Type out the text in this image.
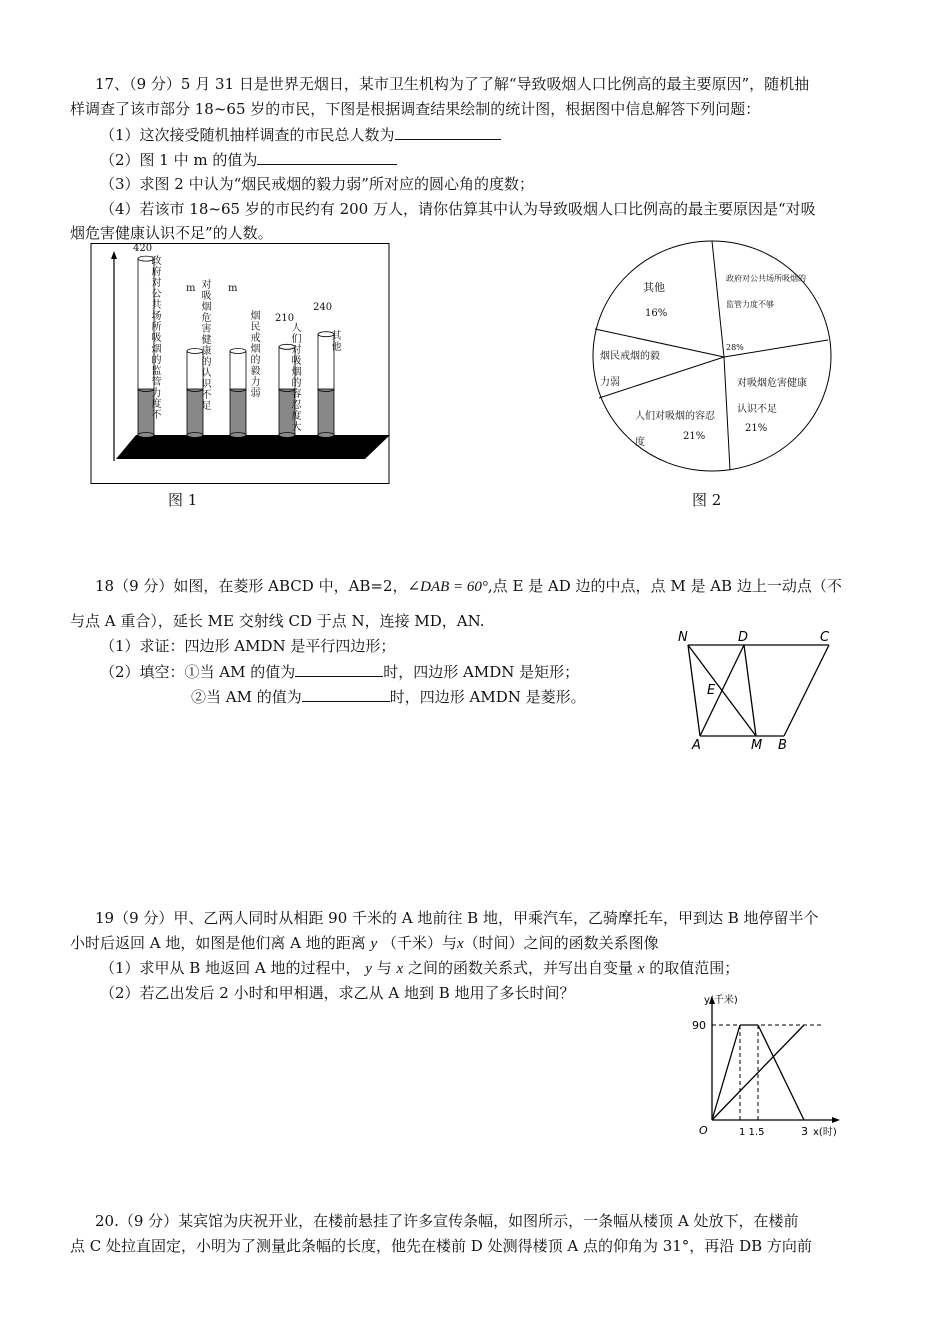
17、（9 分）5 月 31 日是世界无烟日，某市卫生机构为了了解“导致吸烟人口比例高的最主要原因”，随机抽
样调查了该市部分 18~65 岁的市民，下图是根据调查结果绘制的统计图，根据图中信息解答下列问题：
（1）这次接受随机抽样调查的市民总人数为
（2）图 1 中 m 的值为
（3）求图 2 中认为“烟民戒烟的毅力弱”所对应的圆心角的度数；
（4）若该市 18~65 岁的市民约有 200 万人，请你估算其中认为导致吸烟人口比例高的最主要原因是“对吸
烟危害健康认识不足”的人数。
420
m	m
210
240
政府对公共场所吸烟的监管力度不
对吸烟危害健康的认识不足
烟民戒烟的毅力弱
人们对吸烟的容忍度大
其他
图 1
其他
16%
政府对公共场所吸烟的监管力度不够
28%
对吸烟危害健康认识不足
21%
人们对吸烟的容忍度
21%
烟民戒烟的毅力弱
图 2
18（9 分）如图，在菱形 ABCD 中，AB=2，∠DAB = 60°,点 E 是 AD 边的中点，点 M 是 AB 边上一动点（不
与点 A 重合），延长 ME 交射线 CD 于点 N，连接 MD，AN.
（1）求证：四边形 AMDN 是平行四边形；
（2）填空：①当 AM 的值为	时，四边形 AMDN 是矩形；
②当 AM 的值为	时，四边形 AMDN 是菱形。
N	D	C
E
A	M B
19（9 分）甲、乙两人同时从相距 90 千米的 A 地前往 B 地，甲乘汽车，乙骑摩托车，甲到达 B 地停留半个
小时后返回 A 地，如图是他们离 A 地的距离 y （千米）与x（时间）之间的函数关系图像
（1）求甲从 B 地返回 A 地的过程中， y 与 x 之间的函数关系式，并写出自变量 x 的取值范围；
（2）若乙出发后 2 小时和甲相遇，求乙从 A 地到 B 地用了多长时间？	y(千米)
90
O	1 1.5	3 x(时)
20.（9 分）某宾馆为庆祝开业，在楼前悬挂了许多宣传条幅，如图所示，一条幅从楼顶 A 处放下，在楼前
点 C 处拉直固定，小明为了测量此条幅的长度，他先在楼前 D 处测得楼顶 A 点的仰角为 31°，再沿 DB 方向前
